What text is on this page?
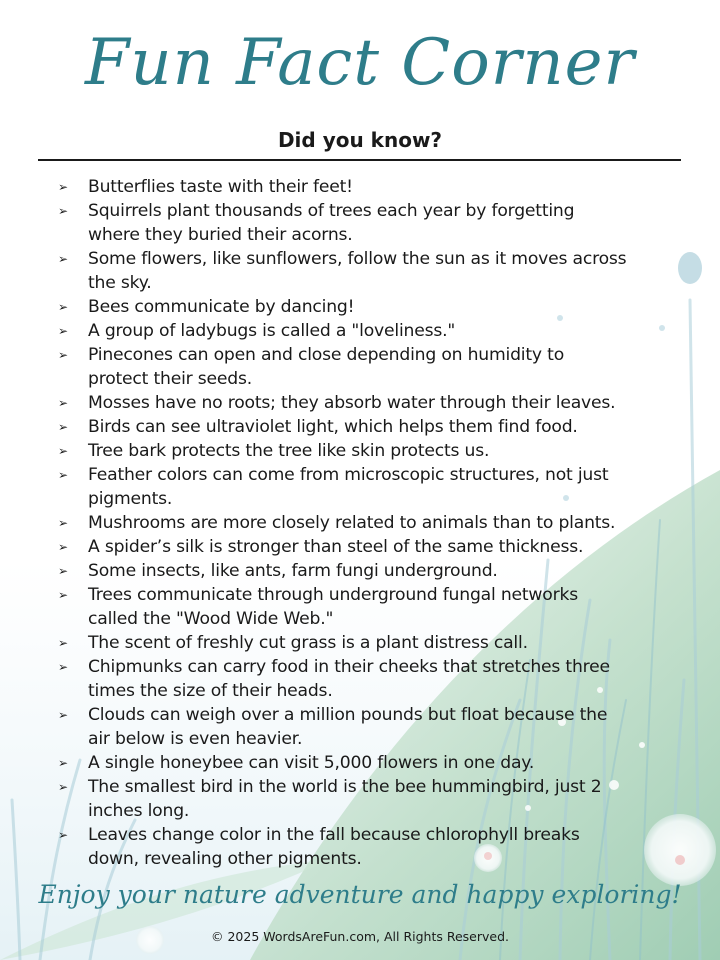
Fun Fact Corner
Did you know?
➢ Butterflies taste with their feet!
➢ Squirrels plant thousands of trees each year by forgetting
where they buried their acorns.
➢ Some flowers, like sunflowers, follow the sun as it moves across
the sky.
➢ Bees communicate by dancing!
➢ A group of ladybugs is called a "loveliness."
➢ Pinecones can open and close depending on humidity to
protect their seeds.
➢ Mosses have no roots; they absorb water through their leaves.
➢ Birds can see ultraviolet light, which helps them find food.
➢ Tree bark protects the tree like skin protects us.
➢ Feather colors can come from microscopic structures, not just
pigments.
➢ Mushrooms are more closely related to animals than to plants.
➢ A spider’s silk is stronger than steel of the same thickness.
➢ Some insects, like ants, farm fungi underground.
➢ Trees communicate through underground fungal networks
called the "Wood Wide Web."
➢ The scent of freshly cut grass is a plant distress call.
➢ Chipmunks can carry food in their cheeks that stretches three
times the size of their heads.
➢ Clouds can weigh over a million pounds but float because the
air below is even heavier.
➢ A single honeybee can visit 5,000 flowers in one day.
➢ The smallest bird in the world is the bee hummingbird, just 2
inches long.
➢ Leaves change color in the fall because chlorophyll breaks
down, revealing other pigments.
Enjoy your nature adventure and happy exploring!
© 2025 WordsAreFun.com, All Rights Reserved.
